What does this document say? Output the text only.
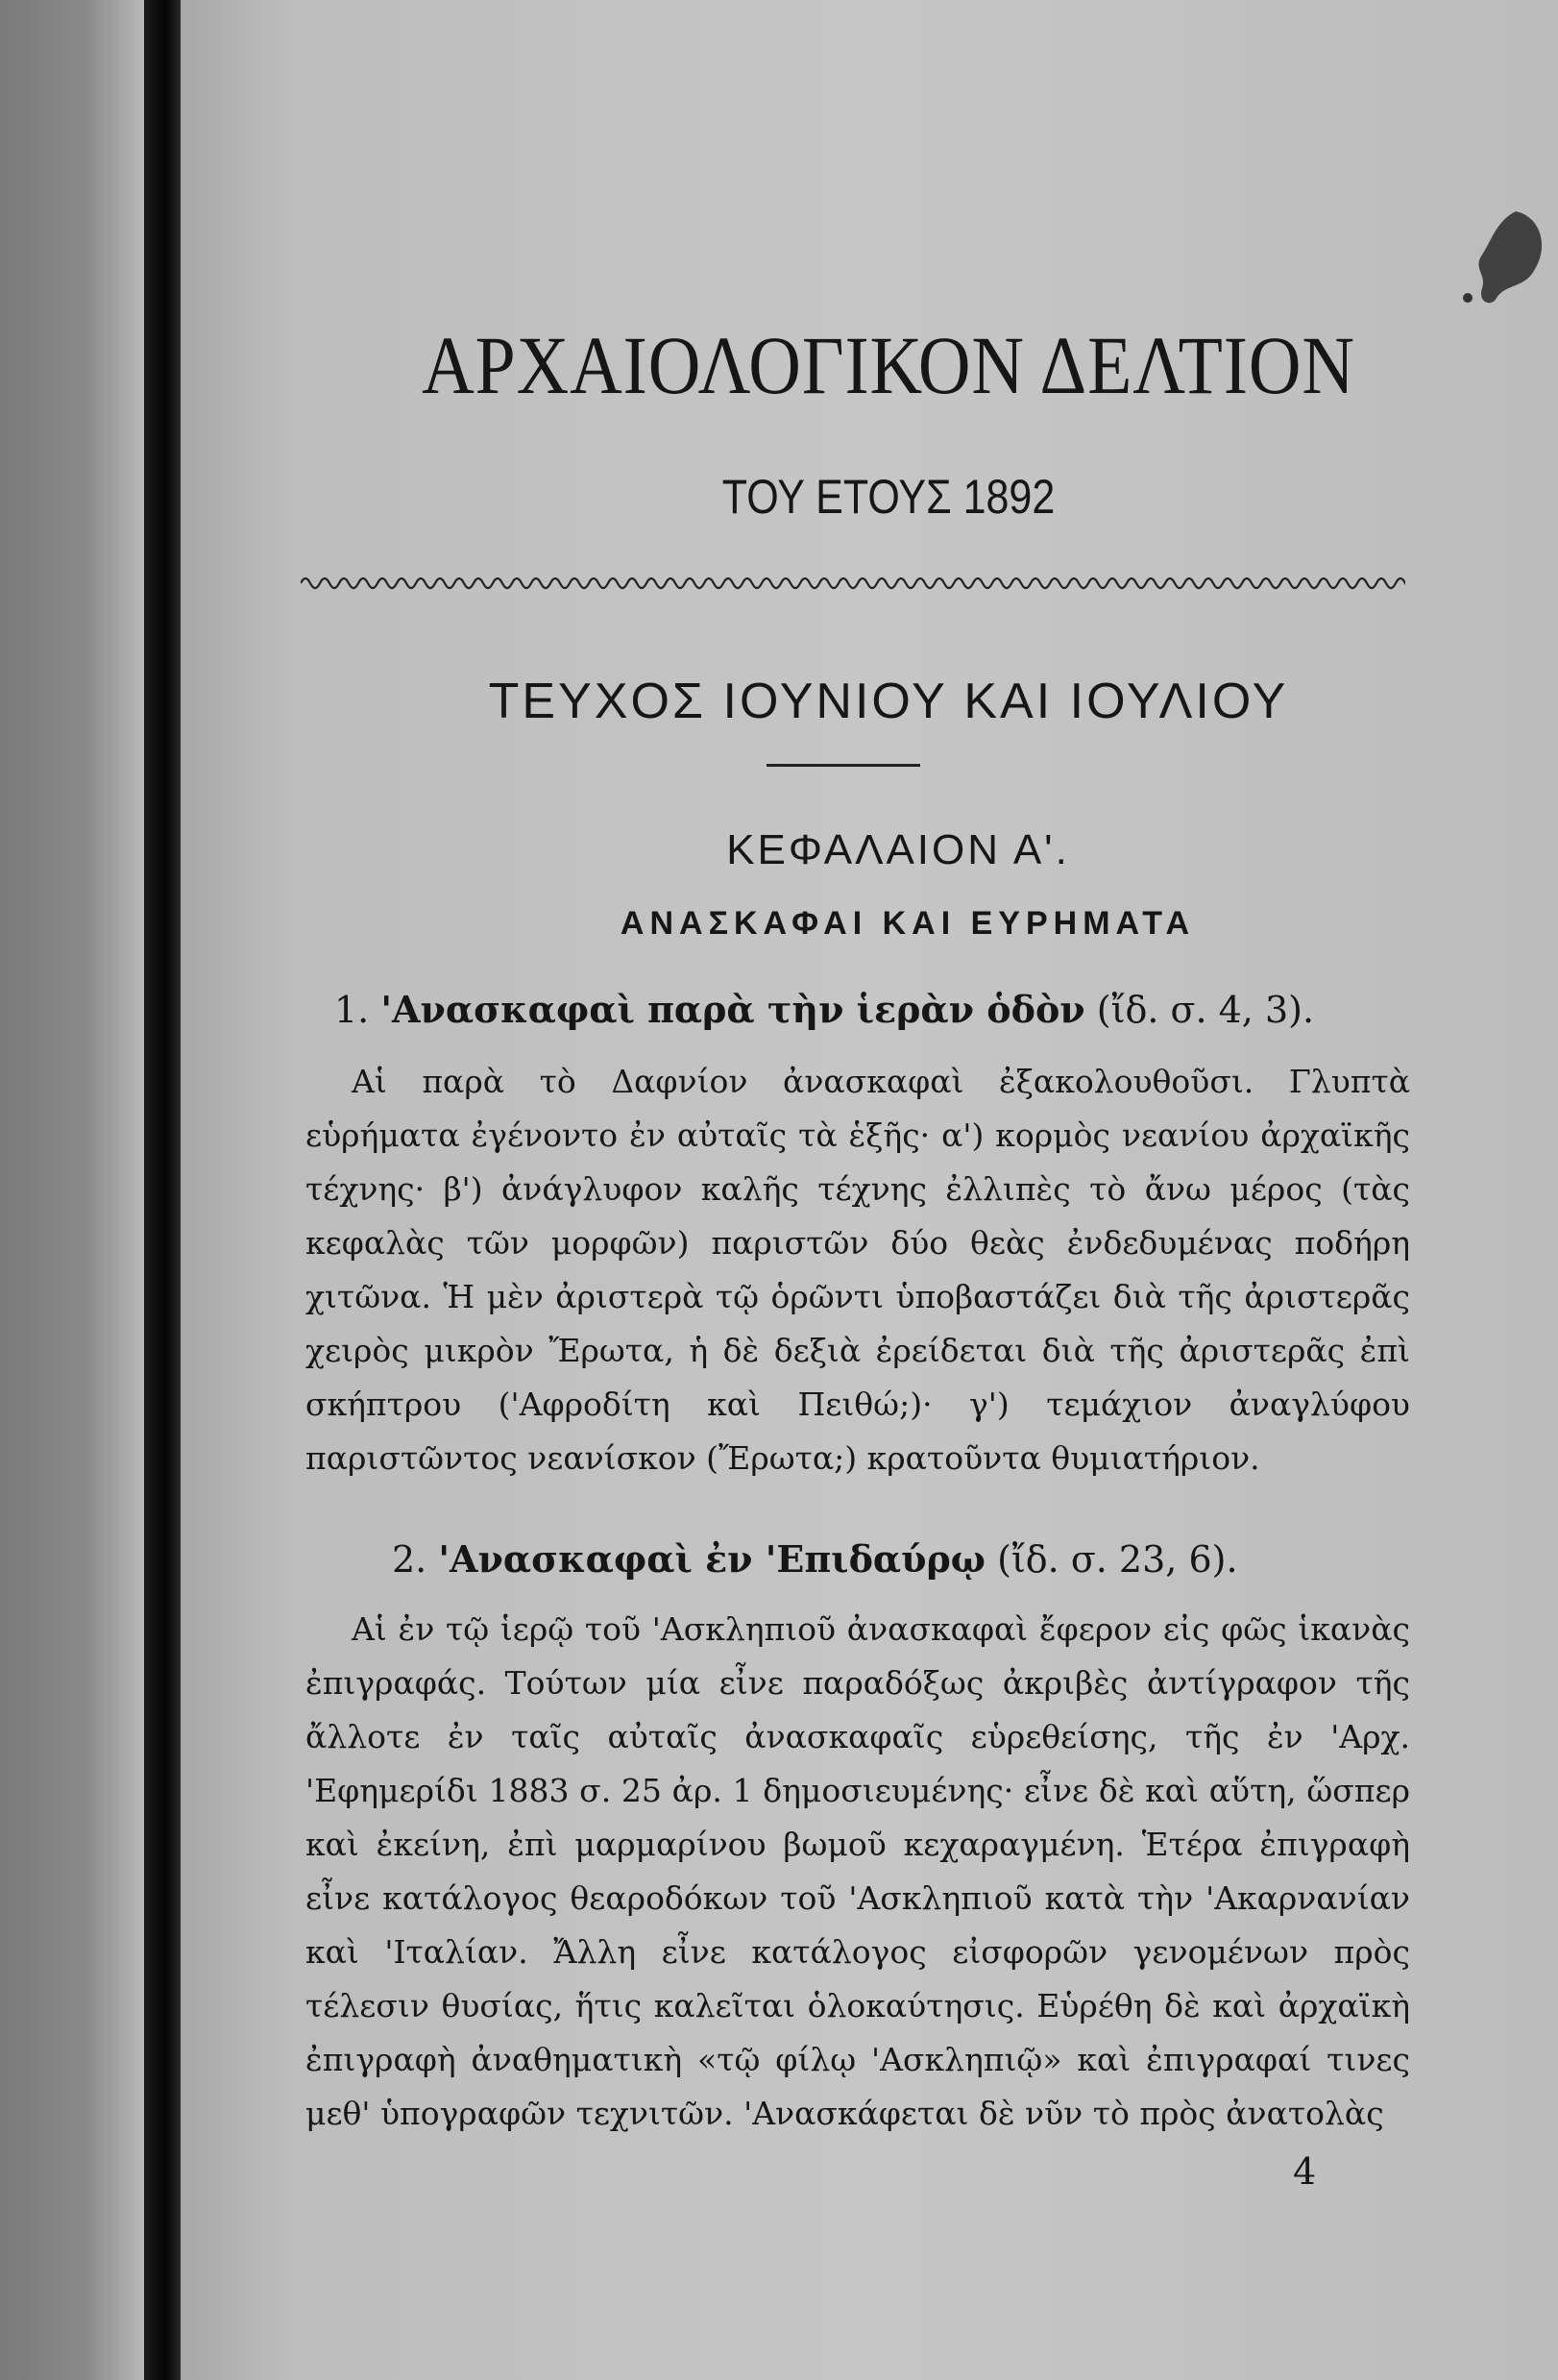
ΑΡΧΑΙΟΛΟΓΙΚΟΝ ΔΕΛΤΙΟΝ
ΤΟΥ ΕΤΟΥΣ 1892
ΤΕΥΧΟΣ ΙΟΥΝΙΟΥ ΚΑΙ ΙΟΥΛΙΟΥ
ΚΕΦΑΛΑΙΟΝ Α'.
ΑΝΑΣΚΑΦΑΙ ΚΑΙ ΕΥΡΗΜΑΤΑ
1. 'Ανασκαφαὶ παρὰ τὴν ἱερὰν ὁδὸν (ἴδ. σ. 4, 3).
Αἱ παρὰ τὸ Δαφνίον ἀνασκαφαὶ ἐξακολουθοῦσι. Γλυπτὰ εὑρήματα ἐγένοντο ἐν αὐταῖς τὰ ἑξῆς· α') κορμὸς νεανίου ἀρχαϊκῆς τέχνης· β') ἀνάγλυφον καλῆς τέχνης ἐλλιπὲς τὸ ἄνω μέρος (τὰς κεφαλὰς τῶν μορφῶν) παριστῶν δύο θεὰς ἐνδεδυμένας ποδήρη χιτῶνα. Ἡ μὲν ἀριστερὰ τῷ ὁρῶντι ὑποβαστάζει διὰ τῆς ἀριστερᾶς χειρὸς μικρὸν Ἔρωτα, ἡ δὲ δεξιὰ ἐρείδεται διὰ τῆς ἀριστερᾶς ἐπὶ σκήπτρου ('Αφροδίτη καὶ Πειθώ;)· γ') τεμάχιον ἀναγλύφου παριστῶντος νεανίσκον (Ἔρωτα;) κρατοῦντα θυμιατήριον.
2. 'Ανασκαφαὶ ἐν 'Επιδαύρῳ (ἴδ. σ. 23, 6).
Αἱ ἐν τῷ ἱερῷ τοῦ 'Ασκληπιοῦ ἀνασκαφαὶ ἔφερον εἰς φῶς ἱκανὰς ἐπιγραφάς. Τούτων μία εἶνε παραδόξως ἀκριβὲς ἀντίγραφον τῆς ἄλλοτε ἐν ταῖς αὐταῖς ἀνασκαφαῖς εὑρεθείσης, τῆς ἐν 'Αρχ. 'Εφημερίδι 1883 σ. 25 ἀρ. 1 δημοσιευμένης· εἶνε δὲ καὶ αὕτη, ὥσπερ καὶ ἐκείνη, ἐπὶ μαρμαρίνου βωμοῦ κεχαραγμένη. Ἑτέρα ἐπιγραφὴ εἶνε κατάλογος θεαροδόκων τοῦ 'Ασκληπιοῦ κατὰ τὴν 'Ακαρνανίαν καὶ 'Ιταλίαν. Ἄλλη εἶνε κατάλογος εἰσφορῶν γενομένων πρὸς τέλεσιν θυσίας, ἥτις καλεῖται ὁλοκαύτησις. Εὑρέθη δὲ καὶ ἀρχαϊκὴ ἐπιγραφὴ ἀναθηματικὴ «τῷ φίλῳ 'Ασκληπιῷ» καὶ ἐπιγραφαί τινες μεθ' ὑπογραφῶν τεχνιτῶν. 'Ανασκάφεται δὲ νῦν τὸ πρὸς ἀνατολὰς
4
